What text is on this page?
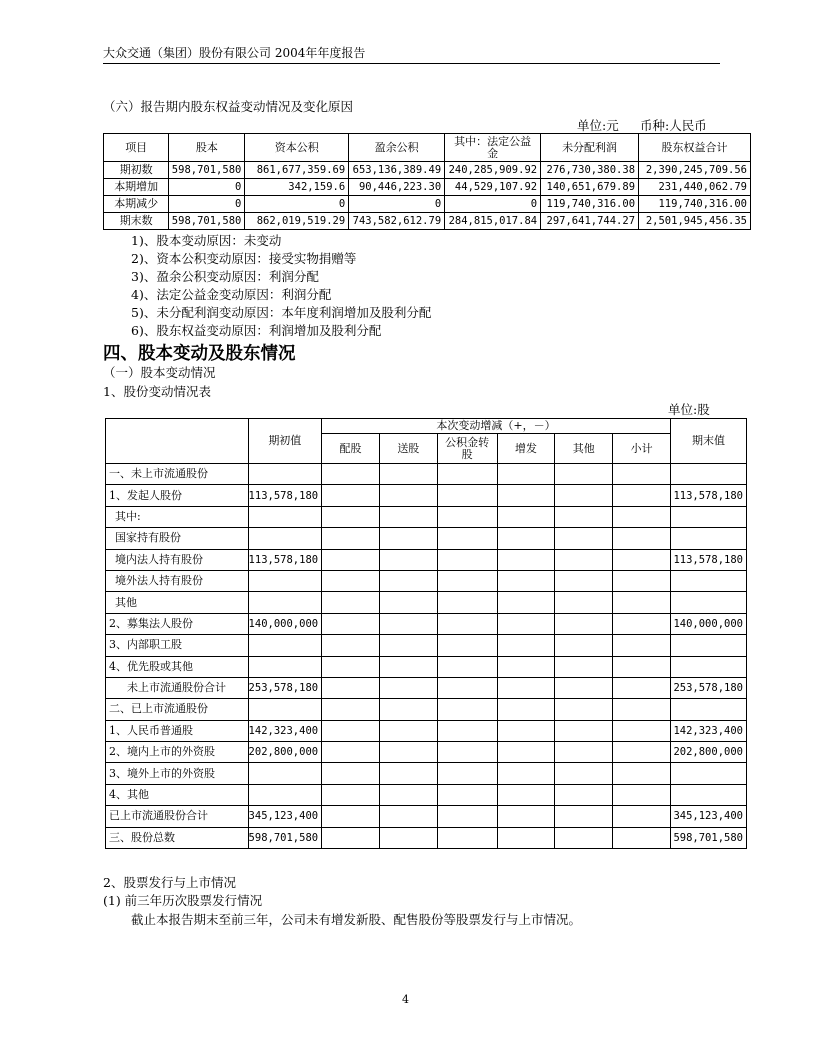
大众交通（集团）股份有限公司 2004年年度报告
（六）报告期内股东权益变动情况及变化原因
单位:元 币种:人民币
项目	股本	资本公积	盈余公积	其中：法定公益金	未分配利润	股东权益合计
期初数	598,701,580	861,677,359.69	653,136,389.49	240,285,909.92	276,730,380.38	2,390,245,709.56
本期增加	0	342,159.6	90,446,223.30	44,529,107.92	140,651,679.89	231,440,062.79
本期减少	0	0	0	0	119,740,316.00	119,740,316.00
期末数	598,701,580	862,019,519.29	743,582,612.79	284,815,017.84	297,641,744.27	2,501,945,456.35
1)、股本变动原因：未变动
2)、资本公积变动原因：接受实物捐赠等
3)、盈余公积变动原因：利润分配
4)、法定公益金变动原因：利润分配
5)、未分配利润变动原因：本年度利润增加及股利分配
6)、股东权益变动原因：利润增加及股利分配
四、股本变动及股东情况
（一）股本变动情况
1、股份变动情况表
单位:股
	期初值	本次变动增减（+，－）						期末值
		配股	送股	公积金转股	增发	其他	小计	
一、未上市流通股份								
1、发起人股份	113,578,180							113,578,180
其中:								
国家持有股份								
境内法人持有股份	113,578,180							113,578,180
境外法人持有股份								
其他								
2、募集法人股份	140,000,000							140,000,000
3、内部职工股								
4、优先股或其他								
未上市流通股份合计	253,578,180							253,578,180
二、已上市流通股份								
1、人民币普通股	142,323,400							142,323,400
2、境内上市的外资股	202,800,000							202,800,000
3、境外上市的外资股								
4、其他								
已上市流通股份合计	345,123,400							345,123,400
三、股份总数	598,701,580							598,701,580
2、股票发行与上市情况
(1) 前三年历次股票发行情况
截止本报告期末至前三年，公司未有增发新股、配售股份等股票发行与上市情况。
4
